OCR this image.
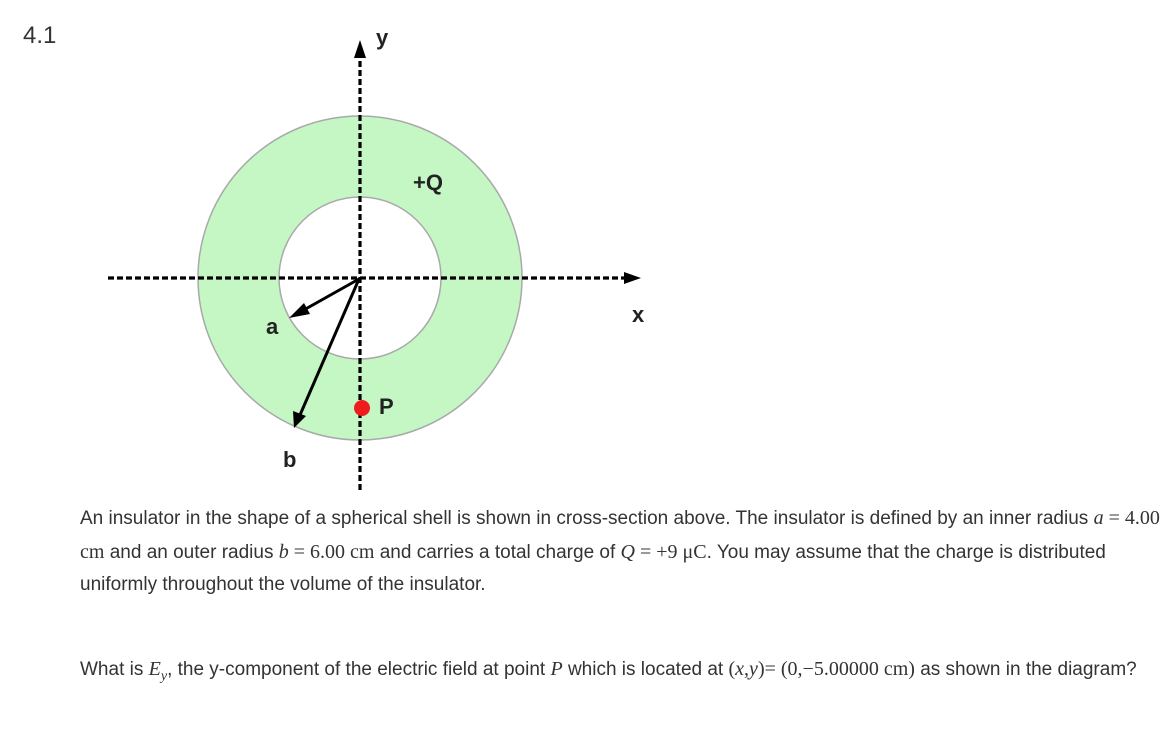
4.1	y
x
+Q
a
b
P
An insulator in the shape of a spherical shell is shown in cross-section above. The insulator is defined by an inner radius a = 4.00 cm and an outer radius b = 6.00 cm and carries a total charge of Q = +9 μC. You may assume that the charge is distributed uniformly throughout the volume of the insulator.
What is $E_y$, the y-component of the electric field at point P which is located at (x,y)= (0,−5.00000 cm) as shown in the diagram?
